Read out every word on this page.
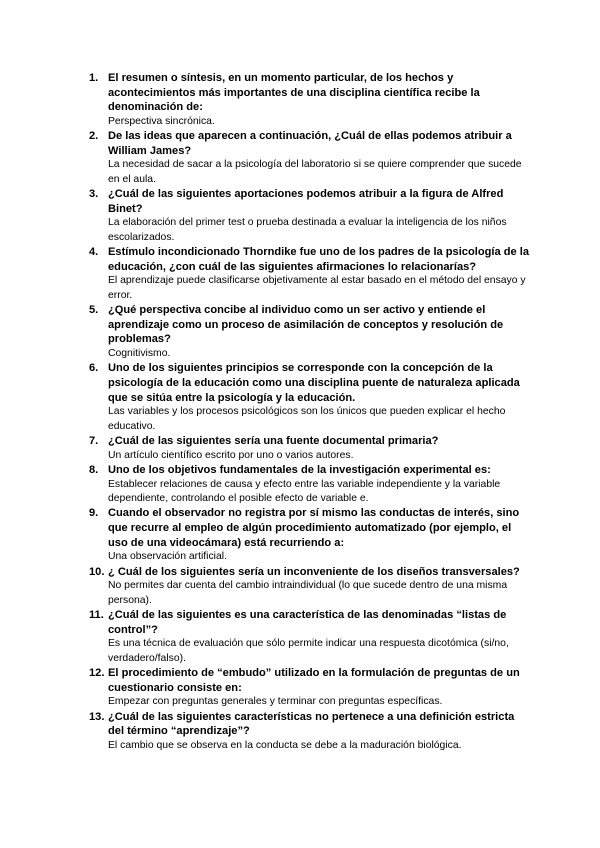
1. El resumen o síntesis, en un momento particular, de los hechos y acontecimientos más importantes de una disciplina científica recibe la denominación de:
Perspectiva sincrónica.
2. De las ideas que aparecen a continuación, ¿Cuál de ellas podemos atribuir a William James?
La necesidad de sacar a la psicología del laboratorio si se quiere comprender que sucede en el aula.
3. ¿Cuál de las siguientes aportaciones podemos atribuir a la figura de Alfred Binet?
La elaboración del primer test o prueba destinada a evaluar la inteligencia de los niños escolarizados.
4. Estímulo incondicionado Thorndike fue uno de los padres de la psicología de la educación, ¿con cuál de las siguientes afirmaciones lo relacionarías?
El aprendizaje puede clasificarse objetivamente al estar basado en el método del ensayo y error.
5. ¿Qué perspectiva concibe al individuo como un ser activo y entiende el aprendizaje como un proceso de asimilación de conceptos y resolución de problemas?
Cognitivismo.
6. Uno de los siguientes principios se corresponde con la concepción de la psicología de la educación como una disciplina puente de naturaleza aplicada que se sitúa entre la psicología y la educación.
Las variables y los procesos psicológicos son los únicos que pueden explicar el hecho educativo.
7. ¿Cuál de las siguientes sería una fuente documental primaria?
Un artículo científico escrito por uno o varios autores.
8. Uno de los objetivos fundamentales de la investigación experimental es:
Establecer relaciones de causa y efecto entre las variable independiente y la variable dependiente, controlando el posible efecto de variable e.
9. Cuando el observador no registra por sí mismo las conductas de interés, sino que recurre al empleo de algún procedimiento automatizado (por ejemplo, el uso de una videocámara) está recurriendo a:
Una observación artificial.
10. ¿ Cuál de los siguientes sería un inconveniente de los diseños transversales?
No permites dar cuenta del cambio intraindividual (lo que sucede dentro de una misma persona).
11. ¿Cuál de las siguientes es una característica de las denominadas “listas de control”?
Es una técnica de evaluación que sólo permite indicar una respuesta dicotómica (si/no, verdadero/falso).
12. El procedimiento de “embudo” utilizado en la formulación de preguntas de un cuestionario consiste en:
Empezar con preguntas generales y terminar con preguntas específicas.
13. ¿Cuál de las siguientes características no pertenece a una definición estricta del término “aprendizaje”?
El cambio que se observa en la conducta se debe a la maduración biológica.
